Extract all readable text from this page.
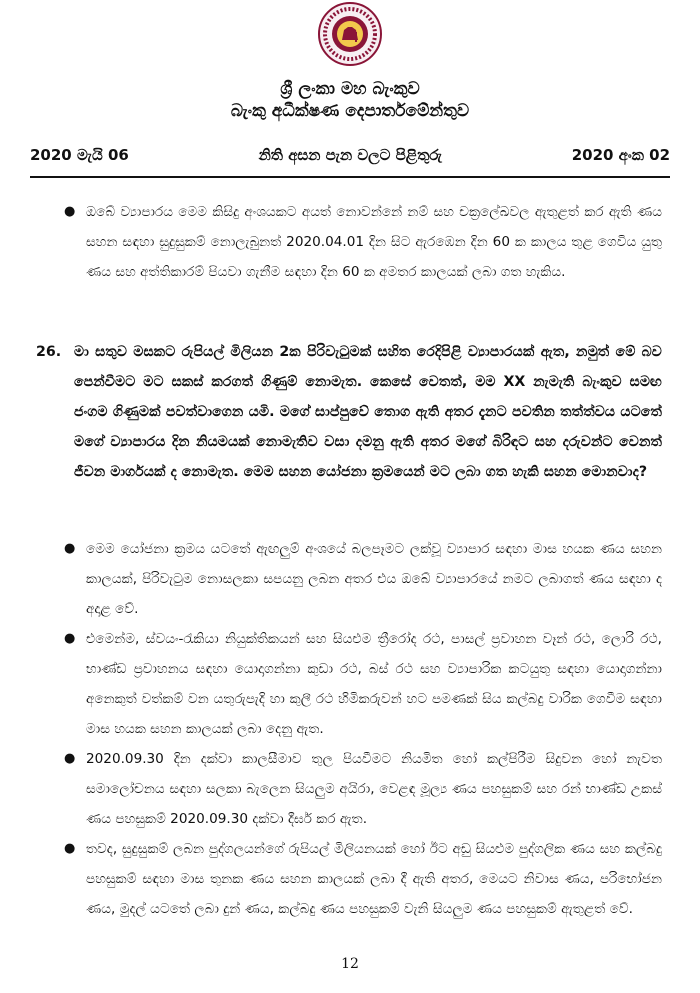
ශ්‍රී ලංකා මහ බැංකුව
බැංකු අධීක්ෂණ දෙපාර්තමේන්තුව
2020 මැයි 06	නිති අසන පැන වලට පිළිතුරු	2020 අංක 02
● ඔබේ ව්‍යාපාරය මෙම කිසිදු අංශයකට අයත් නොවන්නේ නම් සහ චක්‍රලේඛවල ඇතුළත් කර ඇති ණය සහන සඳහා සුදුසුකම් නොලැබුනත් 2020.04.01 දින සිට ඇරඹෙන දින 60 ක කාලය තුළ ගෙවිය යුතු ණය සහ අත්තිකාරම් පියවා ගැනීම සඳහා දින 60 ක අමතර කාලයක් ලබා ගත හැකිය.
26. මා සතුව මසකට රුපියල් මිලියන 2ක පිරිවැටුමක් සහිත රෙදිපිළි ව්‍යාපාරයක් ඇත, නමුත් මේ බව පෙන්වීමට මට සකස් කරගත් ගිණුම් නොමැත. කෙසේ වෙතත්, මම XX නැමැති බැංකුව සමඟ ජංගම ගිණුමක් පවත්වාගෙන යමි. මගේ සාප්පුවේ තොග ඇති අතර දැනට පවතින තත්ත්වය යටතේ මගේ ව්‍යාපාරය දින නියමයක් නොමැතිව වසා දමනු ඇති අතර මගේ බිරිඳට සහ දරුවන්ට වෙනත් ජීවන මාර්ගයක් ද නොමැත. මෙම සහන යෝජනා ක්‍රමයෙන් මට ලබා ගත හැකි සහන මොනවාද?
● මෙම යෝජනා ක්‍රමය යටතේ ඇඟලුම් අංශයේ බලපෑමට ලක්වූ ව්‍යාපාර සඳහා මාස හයක ණය සහන කාලයක්, පිරිවැටුම නොසලකා සපයනු ලබන අතර එය ඔබේ ව්‍යාපාරයේ නමට ලබාගත් ණය සඳහා ද අදාළ වේ.
● එමෙන්ම, ස්වයං-රැකියා නියුක්තිකයන් සහ සියළුම ත්‍රීරෝද රථ, පාසල් ප්‍රවාහන වෑන් රථ, ලොරි රථ, භාණ්ඩ ප්‍රවාහනය සඳහා යොදාගන්නා කුඩා රථ, බස් රථ සහ ව්‍යාපාරික කටයුතු සඳහා යොදාගන්නා අනෙකුත් වත්කම් වන යතුරුපැදි හා කුලී රථ හිමිකරුවන් හට පමණක් සිය කල්බදු වාරික ගෙවීම සඳහා මාස හයක සහන කාලයක් ලබා දෙනු ඇත.
● 2020.09.30 දින දක්වා කාලසීමාව තුල පියවීමට නියමිත හෝ කල්පිරීම සිදුවන හෝ නැවත සමාලෝචනය සඳහා සලකා බැලෙන සියලුම අයිරා, වෙළඳ මූල්‍ය ණය පහසුකම් සහ රන් භාණ්ඩ උකස් ණය පහසුකම් 2020.09.30 දක්වා දීර්ඝ කර ඇත.
● තවද, සුදුසුකම් ලබන පුද්ගලයන්ගේ රුපියල් මිලියනයක් හෝ ඊට අඩු සියළුම පුද්ගලික ණය සහ කල්බදු පහසුකම් සඳහා මාස තුනක ණය සහන කාලයක් ලබා දී ඇති අතර, මෙයට නිවාස ණය, පරිභෝජන ණය, මුදල් යටතේ ලබා දුන් ණය, කල්බදු ණය පහසුකම් වැනි සියලුම ණය පහසුකම් ඇතුළත් වේ.
12
